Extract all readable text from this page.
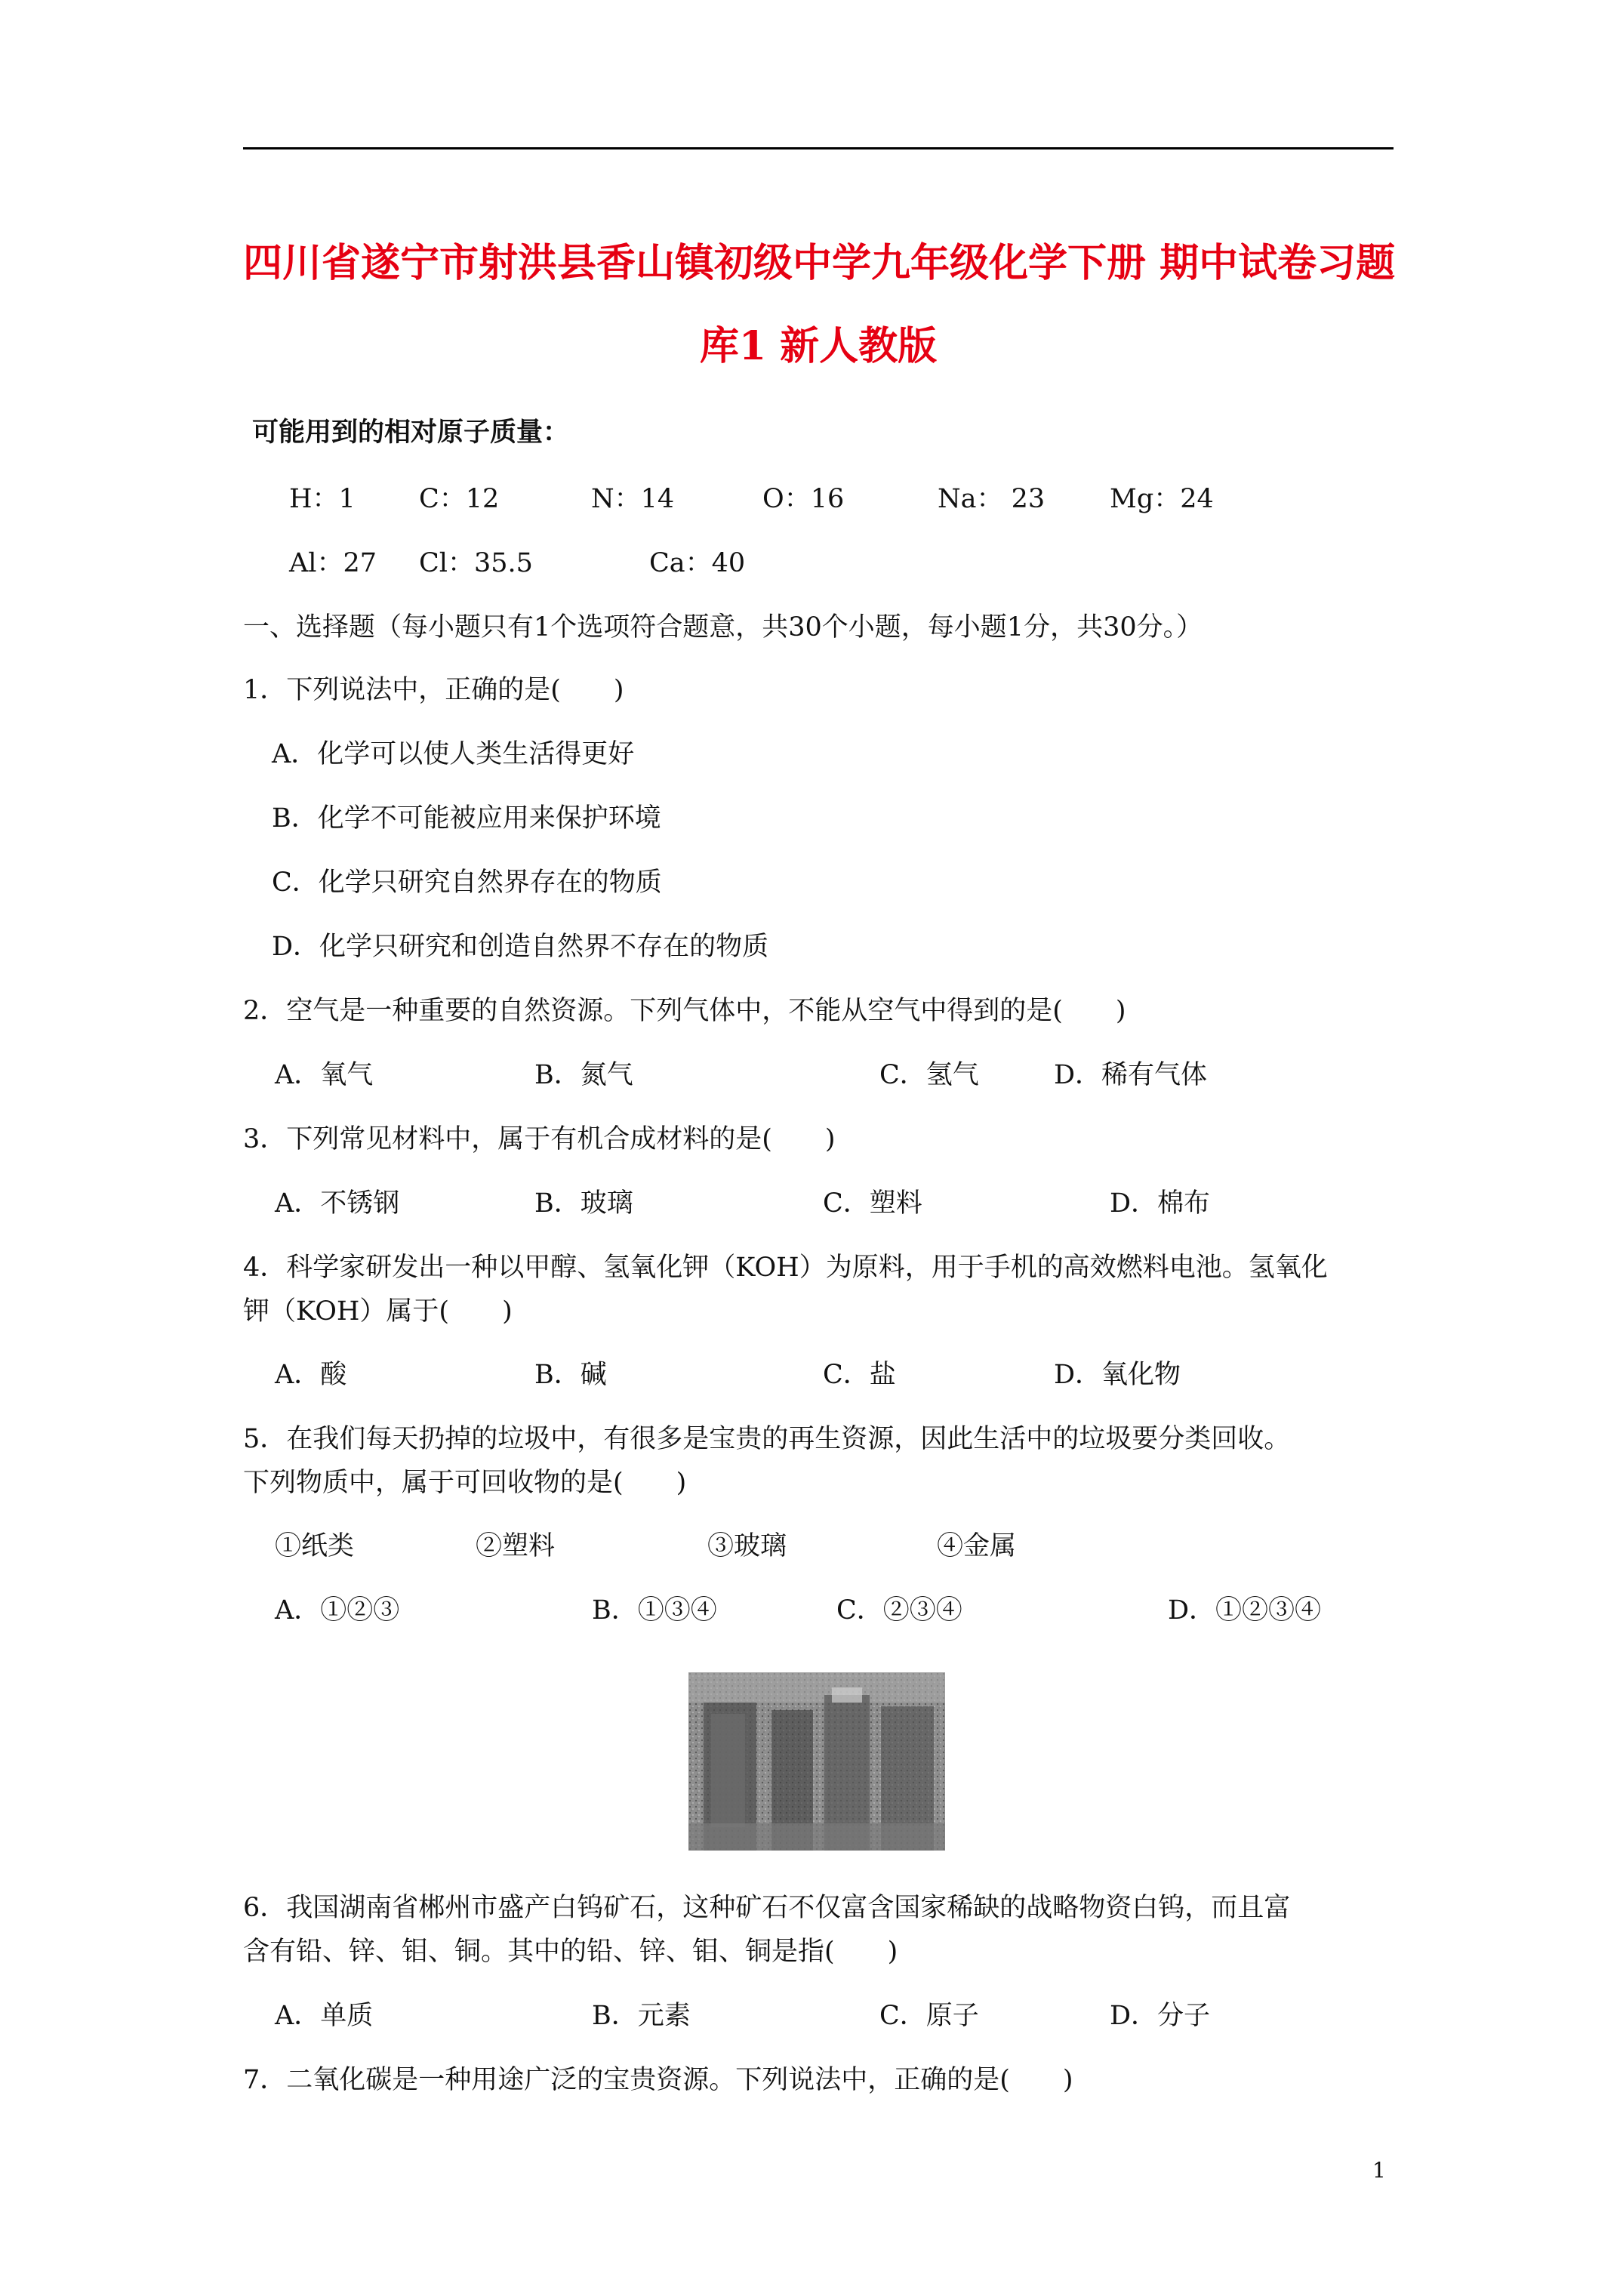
四川省遂宁市射洪县香山镇初级中学九年级化学下册 期中试卷习题
库1 新人教版
可能用到的相对原子质量：
H：1 C：12	N：14	O：16	Na： 23 Mg：24
Al：27 Cl：35.5	Ca：40
一、选择题（每小题只有1个选项符合题意，共30个小题，每小题1分，共30分。）
1．下列说法中，正确的是(　　)
A．化学可以使人类生活得更好
B．化学不可能被应用来保护环境
C．化学只研究自然界存在的物质
D．化学只研究和创造自然界不存在的物质
2．空气是一种重要的自然资源。下列气体中，不能从空气中得到的是(　　)
A．氧气	B．氮气	C．氢气	D．稀有气体
3．下列常见材料中，属于有机合成材料的是(　　)
A．不锈钢	B．玻璃	C．塑料	D．棉布
4．科学家研发出一种以甲醇、氢氧化钾（KOH）为原料，用于手机的高效燃料电池。氢氧化
钾（KOH）属于(　　)
A．酸	B．碱	C．盐	D．氧化物
5．在我们每天扔掉的垃圾中，有很多是宝贵的再生资源，因此生活中的垃圾要分类回收。
下列物质中，属于可回收物的是(　　)
①纸类	②塑料	③玻璃	④金属
A．①②③	B．①③④	C．②③④	D．①②③④
6．我国湖南省郴州市盛产白钨矿石，这种矿石不仅富含国家稀缺的战略物资白钨，而且富
含有铅、锌、钼、铜。其中的铅、锌、钼、铜是指(　　)
A．单质	B．元素	C．原子	D．分子
7．二氧化碳是一种用途广泛的宝贵资源。下列说法中，正确的是(　　)
1
